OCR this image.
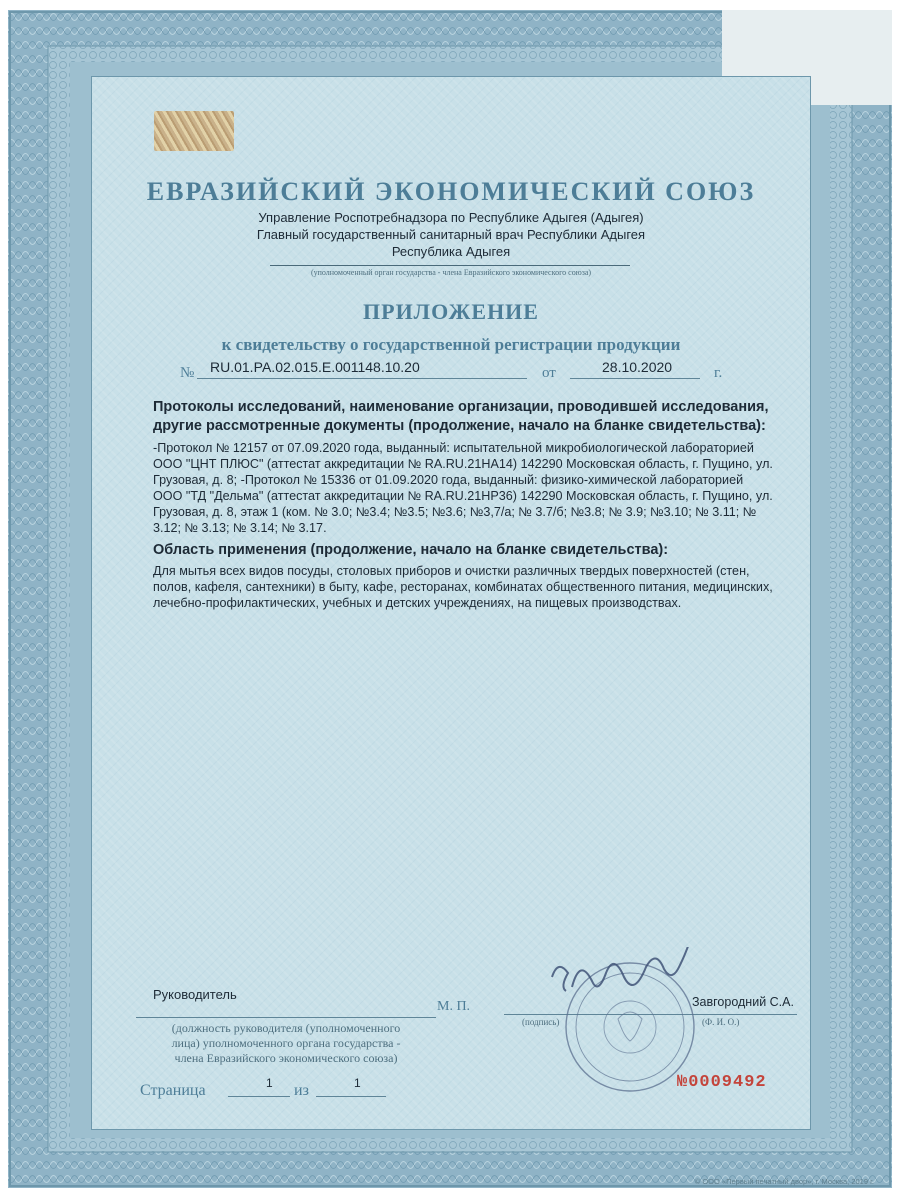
ЕВРАЗИЙСКИЙ ЭКОНОМИЧЕСКИЙ СОЮЗ
Управление Роспотребнадзора по Республике Адыгея (Адыгея)
Главный государственный санитарный врач Республики Адыгея
Республика Адыгея
(уполномоченный орган государства - члена Евразийского экономического союза)
ПРИЛОЖЕНИЕ
к свидетельству о государственной регистрации продукции
№ RU.01.РА.02.015.Е.001148.10.20	от	28.10.2020	г.
Протоколы исследований, наименование организации, проводившей исследования,
другие рассмотренные документы (продолжение, начало на бланке свидетельства):
-Протокол № 12157 от 07.09.2020 года, выданный: испытательной микробиологической лабораторией
ООО "ЦНТ ПЛЮС" (аттестат аккредитации № RA.RU.21НА14) 142290 Московская область, г. Пущино, ул.
Грузовая, д. 8; -Протокол № 15336 от 01.09.2020 года, выданный: физико-химической лабораторией
ООО "ТД "Дельма" (аттестат аккредитации № RA.RU.21НР36) 142290 Московская область, г. Пущино, ул.
Грузовая, д. 8, этаж 1 (ком. № 3.0; №3.4; №3.5; №3.6; №3,7/а; № 3.7/б; №3.8; № 3.9; №3.10; № 3.11; №
3.12; № 3.13; № 3.14; № 3.17.
Область применения (продолжение, начало на бланке свидетельства):
Для мытья всех видов посуды, столовых приборов и очистки различных твердых поверхностей (стен,
полов, кафеля, сантехники) в быту, кафе, ресторанах, комбинатах общественного питания, медицинских,
лечебно-профилактических, учебных и детских учреждениях, на пищевых производствах.
Руководитель
(должность руководителя (уполномоченного
лица) уполномоченного органа государства -
члена Евразийского экономического союза)
М. П.
(подпись)
Завгородний С.А.
(Ф. И. О.)
Страница	1 из	1	№0009492
© ООО «Первый печатный двор», г. Москва, 2019 г.
